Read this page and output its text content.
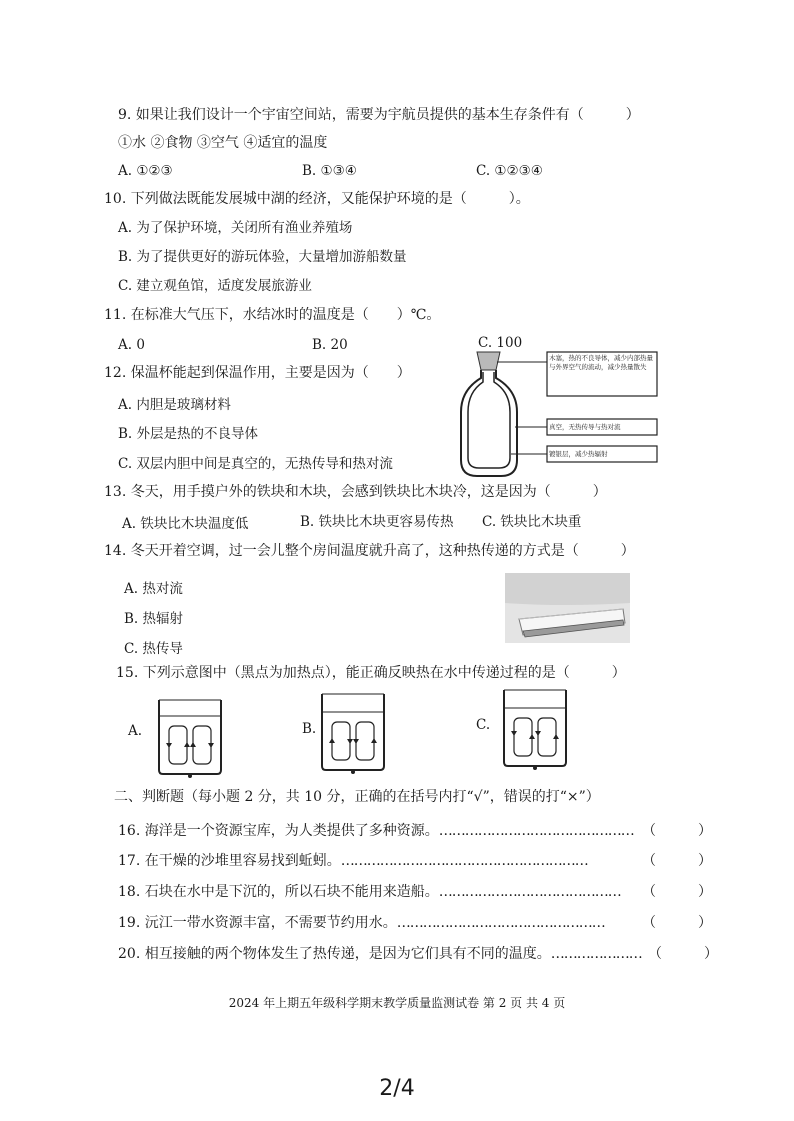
9. 如果让我们设计一个宇宙空间站，需要为宇航员提供的基本生存条件有（　　　）
①水 ②食物 ③空气 ④适宜的温度
A. ①②③	B. ①③④	C. ①②③④
10. 下列做法既能发展城中湖的经济，又能保护环境的是（　　　）。
A. 为了保护环境，关闭所有渔业养殖场
B. 为了提供更好的游玩体验，大量增加游船数量
C. 建立观鱼馆，适度发展旅游业
11. 在标准大气压下，水结冰时的温度是（　　）℃。
A. 0	B. 20	C. 100
12. 保温杯能起到保温作用，主要是因为（　　）
A. 内胆是玻璃材料
B. 外层是热的不良导体
C. 双层内胆中间是真空的，无热传导和热对流
木塞，热的不良导体，减少内部热量与外界空气的流动，减少热量散失
真空，无热传导与热对流
镀银层，减少热辐射
13. 冬天，用手摸户外的铁块和木块，会感到铁块比木块冷，这是因为（　　　）
A. 铁块比木块温度低	B. 铁块比木块更容易传热 C. 铁块比木块重
14. 冬天开着空调，过一会儿整个房间温度就升高了，这种热传递的方式是（　　　）
A. 热对流
B. 热辐射
C. 热传导
15. 下列示意图中（黑点为加热点），能正确反映热在水中传递过程的是（　　　）
A.	B.	C.
二、判断题（每小题 2 分，共 10 分，正确的在括号内打“√”，错误的打“×”）
16. 海洋是一个资源宝库，为人类提供了多种资源。……………………………………… （　　　）
17. 在干燥的沙堆里容易找到蚯蚓。…………………………………………………	（　　　）
18. 石块在水中是下沉的，所以石块不能用来造船。…………………………………… （　　　）
19. 沅江一带水资源丰富，不需要节约用水。…………………………………………	（　　　）
20. 相互接触的两个物体发生了热传递，是因为它们具有不同的温度。………………… （　　　）
2024 年上期五年级科学期末教学质量监测试卷 第 2 页 共 4 页
2/4
